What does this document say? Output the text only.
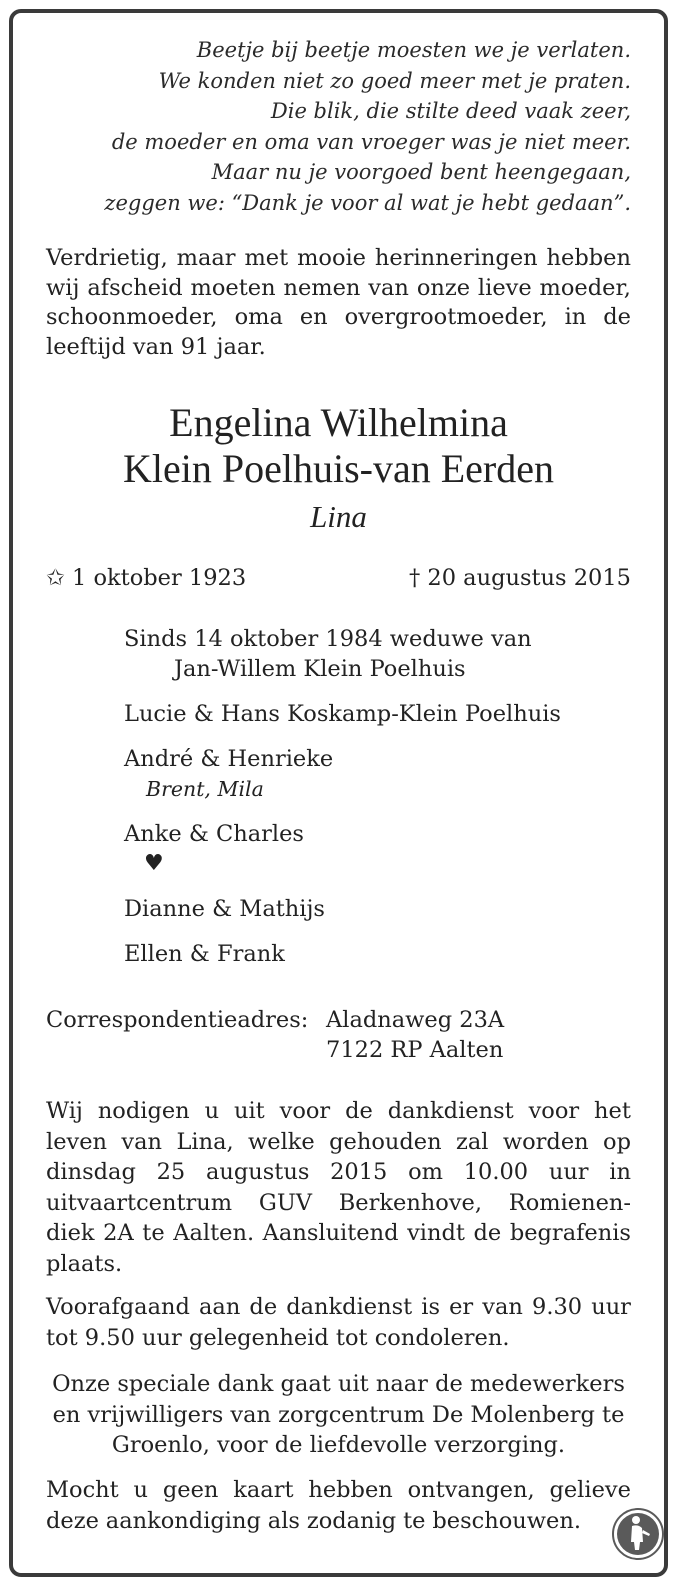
Beetje bij beetje moesten we je verlaten.
We konden niet zo goed meer met je praten.
Die blik, die stilte deed vaak zeer,
de moeder en oma van vroeger was je niet meer.
Maar nu je voorgoed bent heengegaan,
zeggen we: “Dank je voor al wat je hebt gedaan”.
Verdrietig, maar met mooie herinneringen hebben
wij afscheid moeten nemen van onze lieve moeder,
schoonmoeder, oma en overgrootmoeder, in de
leeftijd van 91 jaar.
Engelina Wilhelmina
Klein Poelhuis-van Eerden
Lina
✩ 1 oktober 1923	† 20 augustus 2015
Sinds 14 oktober 1984 weduwe van
Jan-Willem Klein Poelhuis
Lucie & Hans Koskamp-Klein Poelhuis
André & Henrieke
Brent, Mila
Anke & Charles
♥
Dianne & Mathijs
Ellen & Frank
Correspondentieadres: Aladnaweg 23A
7122 RP Aalten
Wij nodigen u uit voor de dankdienst voor het
leven van Lina, welke gehouden zal worden op
dinsdag 25 augustus 2015 om 10.00 uur in
uitvaartcentrum GUV Berkenhove, Romienen-
diek 2A te Aalten. Aansluitend vindt de begrafenis
plaats.
Voorafgaand aan de dankdienst is er van 9.30 uur
tot 9.50 uur gelegenheid tot condoleren.
Onze speciale dank gaat uit naar de medewerkers
en vrijwilligers van zorgcentrum De Molenberg te
Groenlo, voor de liefdevolle verzorging.
Mocht u geen kaart hebben ontvangen, gelieve
deze aankondiging als zodanig te beschouwen.
